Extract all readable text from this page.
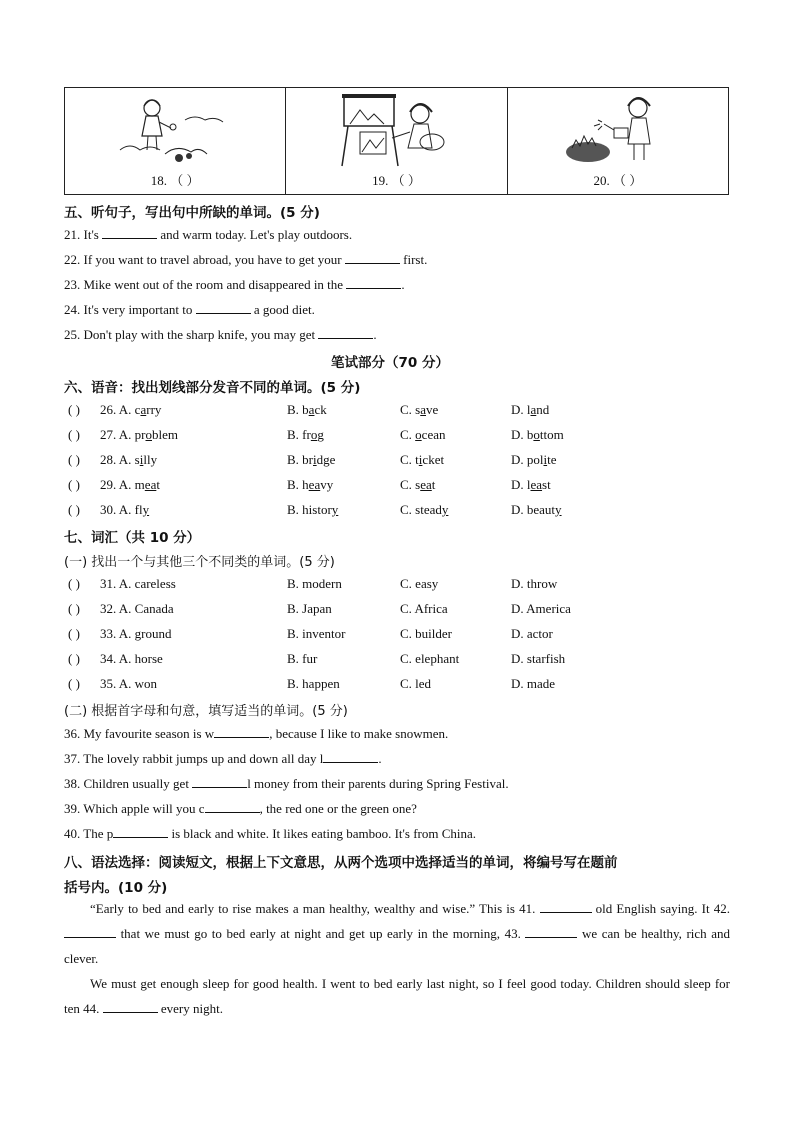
18. （ ）	19. （ ）	20. （ ）
五、听句子，写出句中所缺的单词。(5 分)
21. It's	and warm today. Let's play outdoors.
22. If you want to travel abroad, you have to get your	first.
23. Mike went out of the room and disappeared in the	.
24. It's very important to	a good diet.
25. Don't play with the sharp knife, you may get	.
笔试部分（70 分）
六、语音：找出划线部分发音不同的单词。(5 分)
( ) 26. A. carry	B. back	C. save	D. land
( ) 27. A. problem	B. frog	C. ocean	D. bottom
( ) 28. A. silly	B. bridge	C. ticket	D. polite
( ) 29. A. meat	B. heavy	C. seat	D. least
( ) 30. A. fly	B. history	C. steady	D. beauty
七、词汇（共 10 分）
(一) 找出一个与其他三个不同类的单词。(5 分)
( ) 31. A. careless	B. modern	C. easy	D. throw
( ) 32. A. Canada	B. Japan	C. Africa	D. America
( ) 33. A. ground	B. inventor	C. builder	D. actor
( ) 34. A. horse	B. fur	C. elephant	D. starfish
( ) 35. A. won	B. happen	C. led	D. made
(二) 根据首字母和句意，填写适当的单词。(5 分)
36. My favourite season is w	, because I like to make snowmen.
37. The lovely rabbit jumps up and down all day l	.
38. Children usually get	l money from their parents during Spring Festival.
39. Which apple will you c	, the red one or the green one?
40. The p	is black and white. It likes eating bamboo. It's from China.
八、语法选择：阅读短文，根据上下文意思，从两个选项中选择适当的单词，将编号写在题前
括号内。(10 分)
“Early to bed and early to rise makes a man healthy, wealthy and wise.” This is 41.	old English saying. It 42.  that we must go to bed early at night and get up early in the morning, 43.	we can be healthy, rich and clever.
We must get enough sleep for good health. I went to bed early last night, so I feel good today. Children should sleep for ten 44.	every night.
